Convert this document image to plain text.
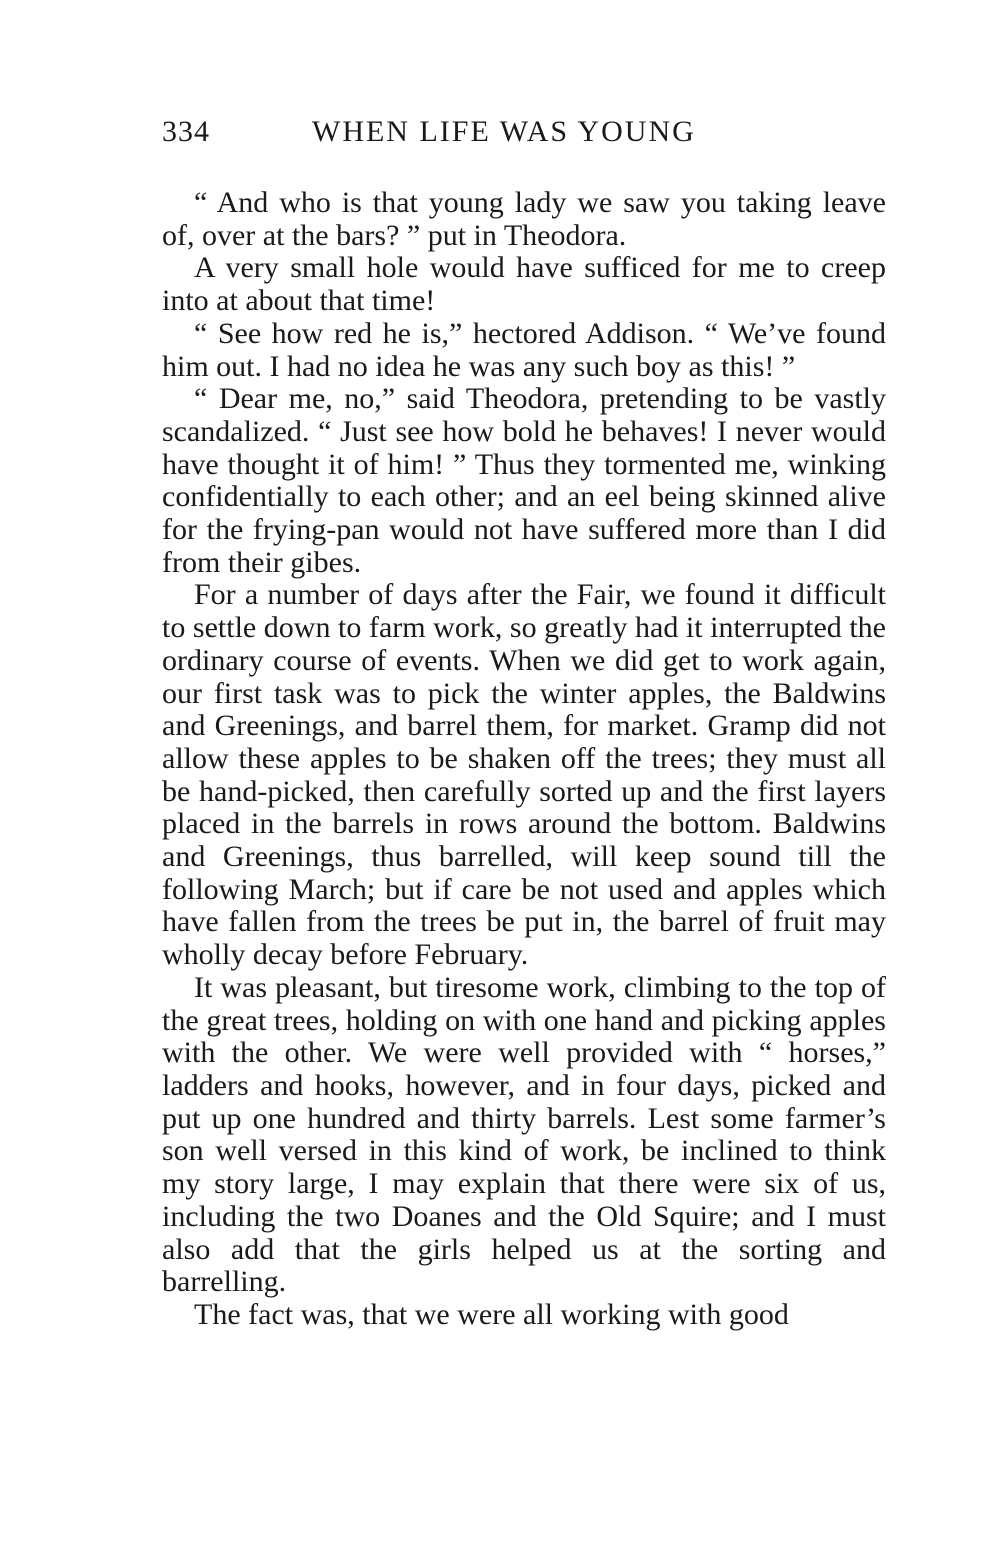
334	WHEN LIFE WAS YOUNG

“ And who is that young lady we saw you taking leave of, over at the bars? ” put in Theodora.

A very small hole would have sufficed for me to creep into at about that time!

“ See how red he is,” hectored Addison. “ We’ve found him out. I had no idea he was any such boy as this! ”

“ Dear me, no,” said Theodora, pretending to be vastly scandalized. “ Just see how bold he behaves! I never would have thought it of him! ” Thus they tormented me, winking confidentially to each other; and an eel being skinned alive for the frying-pan would not have suffered more than I did from their gibes.

For a number of days after the Fair, we found it difficult to settle down to farm work, so greatly had it interrupted the ordinary course of events. When we did get to work again, our first task was to pick the winter apples, the Baldwins and Greenings, and barrel them, for market. Gramp did not allow these apples to be shaken off the trees; they must all be hand-picked, then carefully sorted up and the first layers placed in the barrels in rows around the bottom. Baldwins and Greenings, thus barrelled, will keep sound till the following March; but if care be not used and apples which have fallen from the trees be put in, the barrel of fruit may wholly decay before February.

It was pleasant, but tiresome work, climbing to the top of the great trees, holding on with one hand and picking apples with the other. We were well provided with “ horses,” ladders and hooks, however, and in four days, picked and put up one hundred and thirty barrels. Lest some farmer’s son well versed in this kind of work, be inclined to think my story large, I may explain that there were six of us, including the two Doanes and the Old Squire; and I must also add that the girls helped us at the sorting and barrelling.

The fact was, that we were all working with good
